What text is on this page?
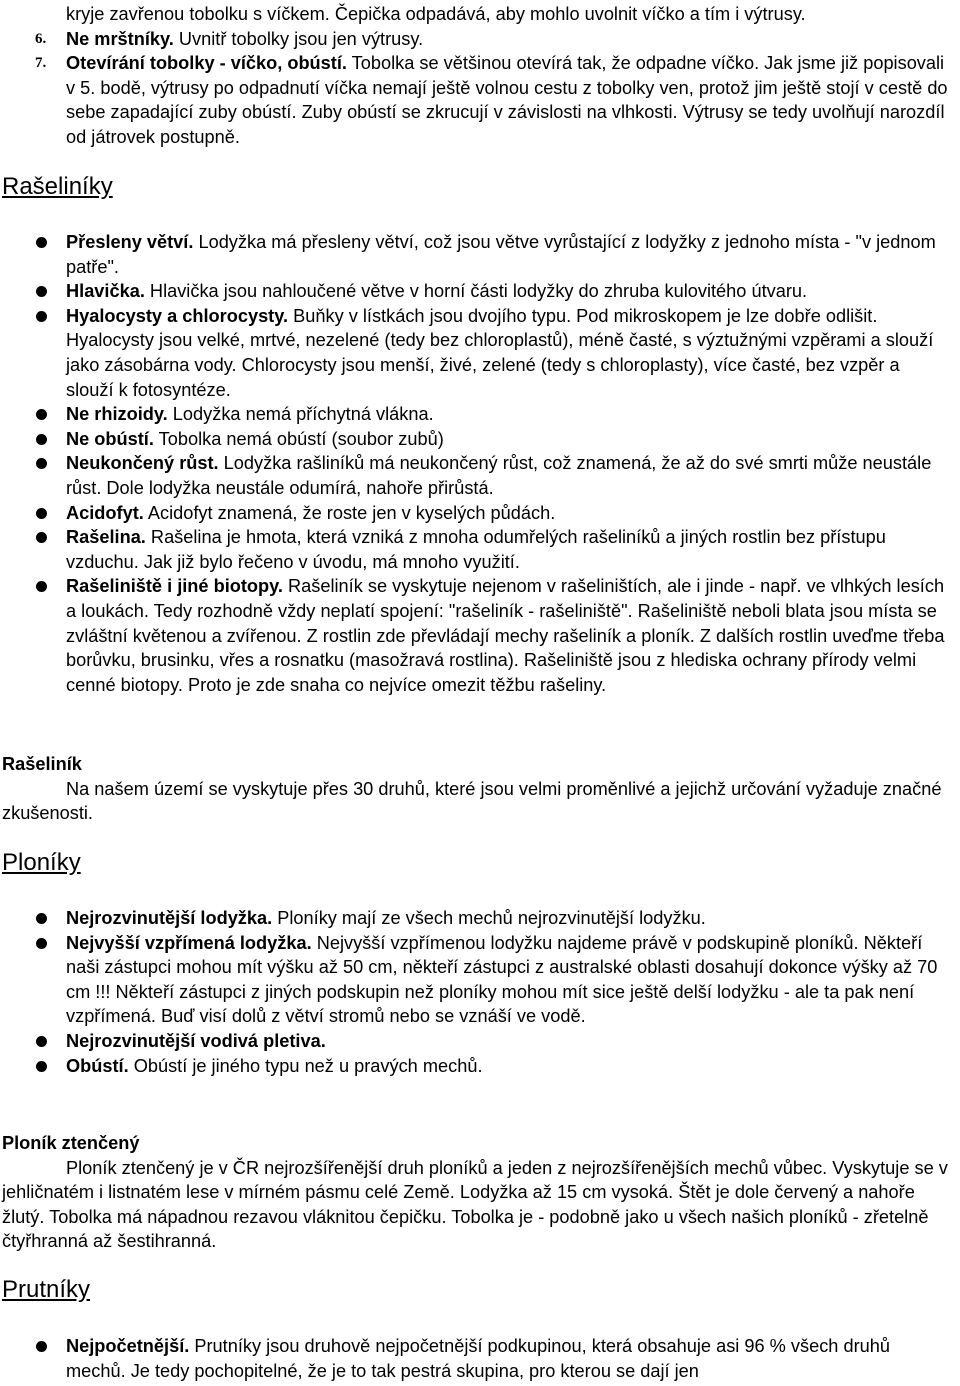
kryje zavřenou tobolku s víčkem. Čepička odpadává, aby mohlo uvolnit víčko a tím i výtrusy.
6. Ne mrštníky. Uvnitř tobolky jsou jen výtrusy.
7. Otevírání tobolky - víčko, obústí. Tobolka se většinou otevírá tak, že odpadne víčko. Jak jsme již popisovali v 5. bodě, výtrusy po odpadnutí víčka nemají ještě volnou cestu z tobolky ven, protož jim ještě stojí v cestě do sebe zapadající zuby obústí. Zuby obústí se zkrucují v závislosti na vlhkosti. Výtrusy se tedy uvolňují narozdíl od játrovek postupně.
Rašeliníky
Přesleny větví. Lodyžka má přesleny větví, což jsou větve vyrůstající z lodyžky z jednoho místa - "v jednom patře".
Hlavička. Hlavička jsou nahloučené větve v horní části lodyžky do zhruba kulovitého útvaru.
Hyalocysty a chlorocysty. Buňky v lístkách jsou dvojího typu. Pod mikroskopem je lze dobře odlišit. Hyalocysty jsou velké, mrtvé, nezelené (tedy bez chloroplastů), méně časté, s výztužnými vzpěrami a slouží jako zásobárna vody. Chlorocysty jsou menší, živé, zelené (tedy s chloroplasty), více časté, bez vzpěr a slouží k fotosyntéze.
Ne rhizoidy. Lodyžka nemá příchytná vlákna.
Ne obústí. Tobolka nemá obústí (soubor zubů)
Neukončený růst. Lodyžka rašliníků má neukončený růst, což znamená, že až do své smrti může neustále růst. Dole lodyžka neustále odumírá, nahoře přirůstá.
Acidofyt. Acidofyt znamená, že roste jen v kyselých půdách.
Rašelina. Rašelina je hmota, která vzniká z mnoha odumřelých rašeliníků a jiných rostlin bez přístupu vzduchu. Jak již bylo řečeno v úvodu, má mnoho využití.
Rašeliniště i jiné biotopy. Rašeliník se vyskytuje nejenom v rašeliništích, ale i jinde - např. ve vlhkých lesích a loukách. Tedy rozhodně vždy neplatí spojení: "rašeliník - rašeliniště". Rašeliniště neboli blata jsou místa se zvláštní květenou a zvířenou. Z rostlin zde převládají mechy rašeliník a ploník. Z dalších rostlin uveďme třeba borůvku, brusinku, vřes a rosnatku (masožravá rostlina). Rašeliniště jsou z hlediska ochrany přírody velmi cenné biotopy. Proto je zde snaha co nejvíce omezit těžbu rašeliny.
Rašeliník
Na našem území se vyskytuje přes 30 druhů, které jsou velmi proměnlivé a jejichž určování vyžaduje značné zkušenosti.
Ploníky
Nejrozvinutější lodyžka. Ploníky mají ze všech mechů nejrozvinutější lodyžku.
Nejvyšší vzpřímená lodyžka. Nejvyšší vzpřímenou lodyžku najdeme právě v podskupině ploníků. Někteří naši zástupci mohou mít výšku až 50 cm, někteří zástupci z australské oblasti dosahují dokonce výšky až 70 cm !!! Někteří zástupci z jiných podskupin než ploníky mohou mít sice ještě delší lodyžku - ale ta pak není vzpřímená. Buď visí dolů z větví stromů nebo se vznáší ve vodě.
Nejrozvinutější vodivá pletiva.
Obústí. Obústí je jiného typu než u pravých mechů.
Ploník ztenčený
Ploník ztenčený je v ČR nejrozšířenější druh ploníků a jeden z nejrozšířenějších mechů vůbec. Vyskytuje se v jehličnatém i listnatém lese v mírném pásmu celé Země. Lodyžka až 15 cm vysoká. Štět je dole červený a nahoře žlutý. Tobolka má nápadnou rezavou vláknitou čepičku. Tobolka je - podobně jako u všech našich ploníků - zřetelně čtyřhranná až šestihranná.
Prutníky
Nejpočetnější. Prutníky jsou druhově nejpočetnější podkupinou, která obsahuje asi 96 % všech druhů mechů. Je tedy pochopitelné, že je to tak pestrá skupina, pro kterou se dají jen
